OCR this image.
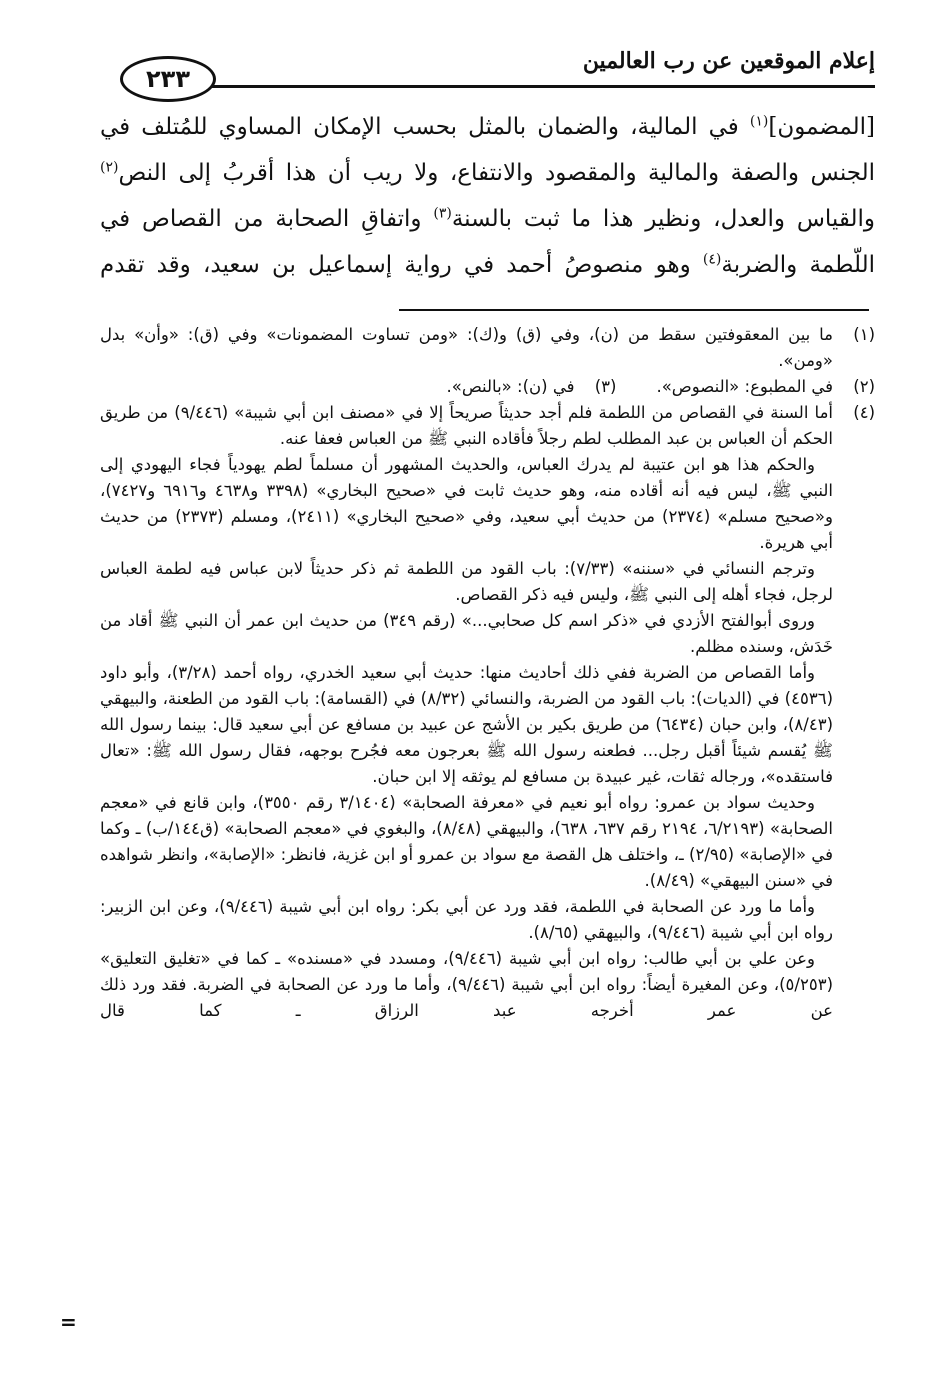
إعلام الموقعين عن رب العالمين
٢٣٣
[المضمون]$^{(١)}$ في المالية، والضمان بالمثل بحسب الإمكان المساوي للمُتلف في
الجنس والصفة والمالية والمقصود والانتفاع، ولا ريب أن هذا أقربُ إلى النص$^{(٢)}$
والقياس والعدل، ونظير هذا ما ثبت بالسنة$^{(٣)}$ واتفاقِ الصحابة من القصاص في
اللّطمة والضربة$^{(٤)}$ وهو منصوصُ أحمد في رواية إسماعيل بن سعيد، وقد تقدم

(١)
ما بين المعقوفتين سقط من (ن)، وفي (ق) و(ك): «ومن تساوت المضمونات» وفي (ق): «وأن» بدل «ومن».

(٢)
في المطبوع: «النصوص».

(٣)
في (ن): «بالنص».

(٤)
أما السنة في القصاص من اللطمة فلم أجد حديثاً صريحاً إلا في «مصنف ابن أبي شيبة» (٩/٤٤٦) من طريق الحكم أن العباس بن عبد المطلب لطم رجلاً فأقاده النبي ﷺ من العباس فعفا عنه.

والحكم هذا هو ابن عتيبة لم يدرك العباس، والحديث المشهور أن مسلماً لطم يهودياً فجاء اليهودي إلى النبي ﷺ، ليس فيه أنه أقاده منه، وهو حديث ثابت في «صحيح البخاري» (٣٣٩٨ و٤٦٣٨ و٦٩١٦ و٧٤٢٧)، و«صحيح مسلم» (٢٣٧٤) من حديث أبي سعيد، وفي «صحيح البخاري» (٢٤١١)، ومسلم (٢٣٧٣) من حديث أبي هريرة.

وترجم النسائي في «سننه» (٧/٣٣): باب القود من اللطمة ثم ذكر حديثاً لابن عباس فيه لطمة العباس لرجل، فجاء أهله إلى النبي ﷺ، وليس فيه ذكر القصاص.

وروى أبوالفتح الأزدي في «ذكر اسم كل صحابي...» (رقم ٣٤٩) من حديث ابن عمر أن النبي ﷺ أقاد من خَدَش، وسنده مظلم.

وأما القصاص من الضربة ففي ذلك أحاديث منها: حديث أبي سعيد الخدري، رواه أحمد (٣/٢٨)، وأبو داود (٤٥٣٦) في (الديات): باب القود من الضربة، والنسائي (٨/٣٢) في (القسامة): باب القود من الطعنة، والبيهقي (٨/٤٣)، وابن حبان (٦٤٣٤) من طريق بكير بن الأشج عن عبيد بن مسافع عن أبي سعيد قال: بينما رسول الله ﷺ يُقسم شيئاً أقبل رجل... فطعنه رسول الله ﷺ بعرجون معه فجُرح بوجهه، فقال رسول الله ﷺ: «تعال فاستقده»، ورجاله ثقات، غير عبيدة بن مسافع لم يوثقه إلا ابن حبان.

وحديث سواد بن عمرو: رواه أبو نعيم في «معرفة الصحابة» (٣/١٤٠٤ رقم ٣٥٥٠)، وابن قانع في «معجم الصحابة» (٦/٢١٩٣، ٢١٩٤ رقم ٦٣٧، ٦٣٨)، والبيهقي (٨/٤٨)، والبغوي في «معجم الصحابة» (ق١٤٤/ب) ـ وكما في «الإصابة» (٢/٩٥) ـ، واختلف هل القصة مع سواد بن عمرو أو ابن غزية، فانظر: «الإصابة»، وانظر شواهده في «سنن البيهقي» (٨/٤٩).

وأما ما ورد عن الصحابة في اللطمة، فقد ورد عن أبي بكر: رواه ابن أبي شيبة (٩/٤٤٦)، وعن ابن الزبير: رواه ابن أبي شيبة (٩/٤٤٦)، والبيهقي (٨/٦٥).

وعن علي بن أبي طالب: رواه ابن أبي شيبة (٩/٤٤٦)، ومسدد في «مسنده» ـ كما في «تغليق التعليق» (٥/٢٥٣)، وعن المغيرة أيضاً: رواه ابن أبي شيبة (٩/٤٤٦)، وأما ما ورد عن الصحابة في الضربة. فقد ورد ذلك عن عمر أخرجه عبد الرزاق ـ كما قال

=
